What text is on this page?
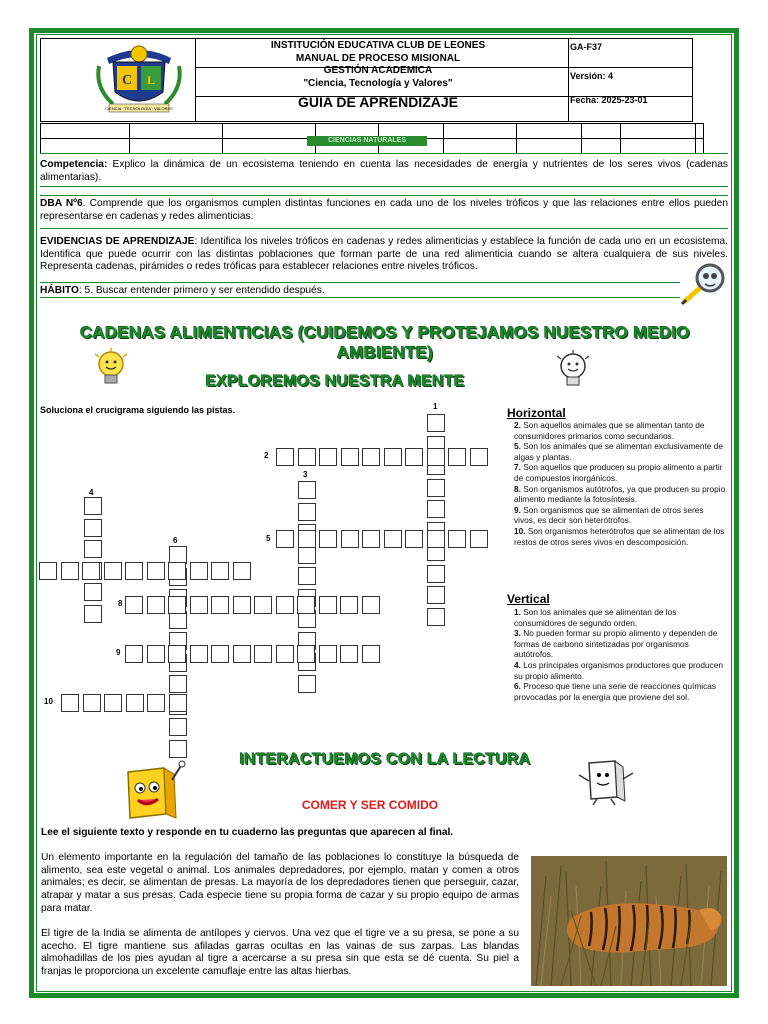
C L
CIENCIA · TECNOLOGÍA · VALORES
INSTITUCIÓN EDUCATIVA CLUB DE LEONES
MANUAL DE PROCESO MISIONAL
GESTIÓN ACADEMICA
"Ciencia, Tecnología y Valores"
GUIA DE APRENDIZAJE
GA-F37
Versión: 4
Fecha: 2025-23-01

CIENCIAS NATURALES
Competencia: Explico la dinámica de un ecosistema teniendo en cuenta las necesidades de energía y nutrientes de los seres vivos (cadenas alimentarias).
DBA Nº6. Comprende que los organismos cumplen distintas funciones en cada uno de los niveles tróficos y que las relaciones entre ellos pueden representarse en cadenas y redes alimenticias.
EVIDENCIAS DE APRENDIZAJE: Identifica los niveles tróficos en cadenas y redes alimenticias y establece la función de cada uno en un ecosistema. Identifica que puede ocurrir con las distintas poblaciones que forman parte de una red alimenticia cuando se altera cualquiera de sus niveles. Representa cadenas, pirámides o redes tróficas para establecer relaciones entre niveles tróficos.
HÁBITO: 5. Buscar entender primero y ser entendido después.
CADENAS ALIMENTICIAS (CUIDEMOS Y PROTEJAMOS NUESTRO MEDIO AMBIENTE)
EXPLOREMOS NUESTRA MENTE
Soluciona el crucigrama siguiendo las pistas.	1
2
3
4
5
6
8
9
10
Horizontal
2. Son aquellos animales que se alimentan tanto de consumidores primarios como secundarios.
5. Son los animales que se alimentan exclusivamente de algas y plantas.
7. Son aquellos que producen su propio alimento a partir de compuestos inorgánicos.
8. Son organismos autótrofos, ya que producen su propio alimento mediante la fotosíntesis.
9. Son organismos que se alimentan de otros seres vivos, es decir son heterótrofos.
10. Son organismos heterótrofos que se alimentan de los restos de otros seres vivos en descomposición.
Vertical
1. Son los animales que se alimentan de los consumidores de segundo orden.
3. No pueden formar su propio alimento y dependen de formas de carbono sintetizadas por organismos autótrofos.
4. Los principales organismos productores que producen su propio alimento.
6. Proceso que tiene una serie de reacciones químicas provocadas por la energía que proviene del sol.
INTERACTUEMOS CON LA LECTURA
COMER Y SER COMIDO
Lee el siguiente texto y responde en tu cuaderno las preguntas que aparecen al final.
Un elemento importante en la regulación del tamaño de las poblaciones lo constituye la búsqueda de alimento, sea este vegetal o animal. Los animales depredadores, por ejemplo, matan y comen a otros animales; es decir, se alimentan de presas. La mayoría de los depredadores tienen que perseguir, cazar, atrapar y matar a sus presas. Cada especie tiene su propia forma de cazar y su propio equipo de armas para matar.
El tigre de la India se alimenta de antílopes y ciervos. Una vez que el tigre ve a su presa, se pone a su acecho. El tigre mantiene sus afiladas garras ocultas en las vainas de sus zarpas. Las blandas almohadillas de los pies ayudan al tigre a acercarse a su presa sin que esta se dé cuenta. Su piel a franjas le proporciona un excelente camuflaje entre las altas hierbas.
